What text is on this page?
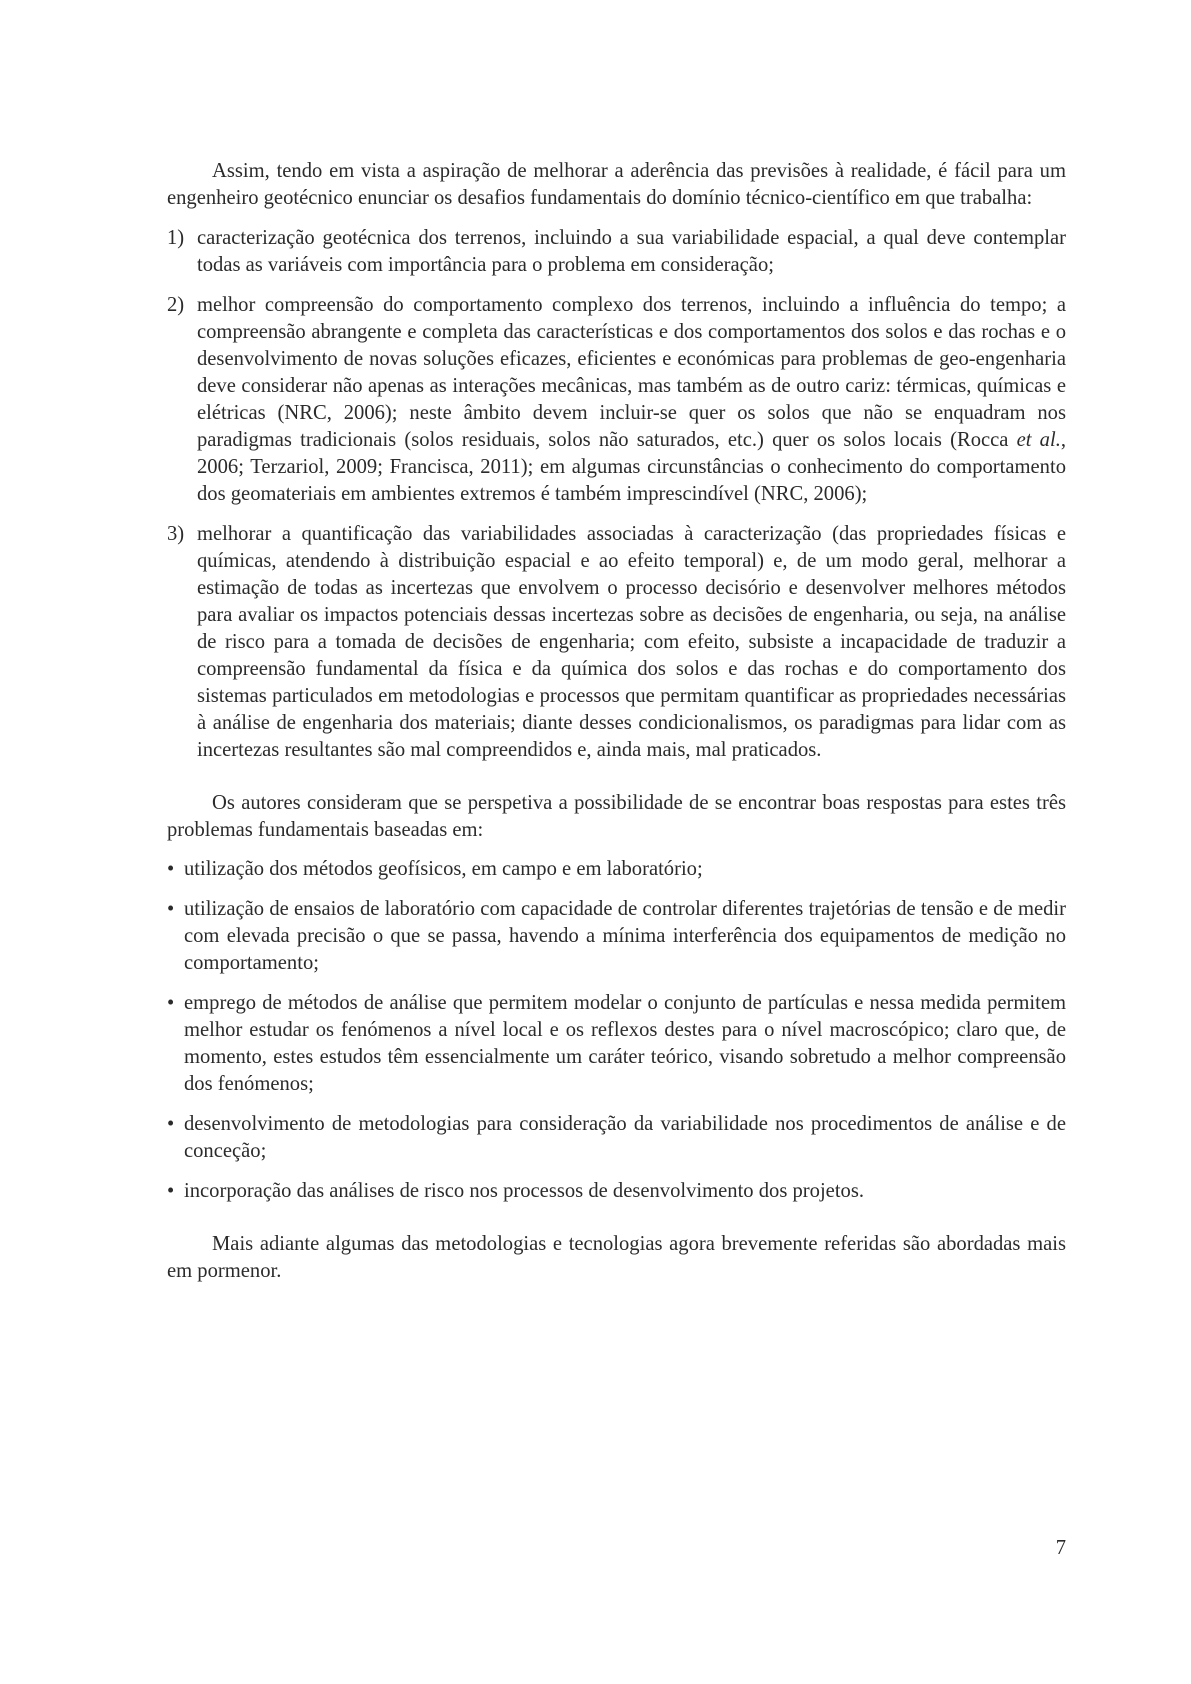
Assim, tendo em vista a aspiração de melhorar a aderência das previsões à realidade, é fácil para um engenheiro geotécnico enunciar os desafios fundamentais do domínio técnico-científico em que trabalha:

1) caracterização geotécnica dos terrenos, incluindo a sua variabilidade espacial, a qual deve contemplar todas as variáveis com importância para o problema em consideração;
2) melhor compreensão do comportamento complexo dos terrenos, incluindo a influência do tempo; a compreensão abrangente e completa das características e dos comportamentos dos solos e das rochas e o desenvolvimento de novas soluções eficazes, eficientes e económicas para problemas de geo-engenharia deve considerar não apenas as interações mecânicas, mas também as de outro cariz: térmicas, químicas e elétricas (NRC, 2006); neste âmbito devem incluir-se quer os solos que não se enquadram nos paradigmas tradicionais (solos residuais, solos não saturados, etc.) quer os solos locais (Rocca et al., 2006; Terzariol, 2009; Francisca, 2011); em algumas circunstâncias o conhecimento do comportamento dos geomateriais em ambientes extremos é também imprescindível (NRC, 2006);
3) melhorar a quantificação das variabilidades associadas à caracterização (das propriedades físicas e químicas, atendendo à distribuição espacial e ao efeito temporal) e, de um modo geral, melhorar a estimação de todas as incertezas que envolvem o processo decisório e desenvolver melhores métodos para avaliar os impactos potenciais dessas incertezas sobre as decisões de engenharia, ou seja, na análise de risco para a tomada de decisões de engenharia; com efeito, subsiste a incapacidade de traduzir a compreensão fundamental da física e da química dos solos e das rochas e do comportamento dos sistemas particulados em metodologias e processos que permitam quantificar as propriedades necessárias à análise de engenharia dos materiais; diante desses condicionalismos, os paradigmas para lidar com as incertezas resultantes são mal compreendidos e, ainda mais, mal praticados.

Os autores consideram que se perspetiva a possibilidade de se encontrar boas respostas para estes três problemas fundamentais baseadas em:

• utilização dos métodos geofísicos, em campo e em laboratório;
• utilização de ensaios de laboratório com capacidade de controlar diferentes trajetórias de tensão e de medir com elevada precisão o que se passa, havendo a mínima interferência dos equipamentos de medição no comportamento;
• emprego de métodos de análise que permitem modelar o conjunto de partículas e nessa medida permitem melhor estudar os fenómenos a nível local e os reflexos destes para o nível macroscópico; claro que, de momento, estes estudos têm essencialmente um caráter teórico, visando sobretudo a melhor compreensão dos fenómenos;
• desenvolvimento de metodologias para consideração da variabilidade nos procedimentos de análise e de conceção;
• incorporação das análises de risco nos processos de desenvolvimento dos projetos.

Mais adiante algumas das metodologias e tecnologias agora brevemente referidas são abordadas mais em pormenor.

7
